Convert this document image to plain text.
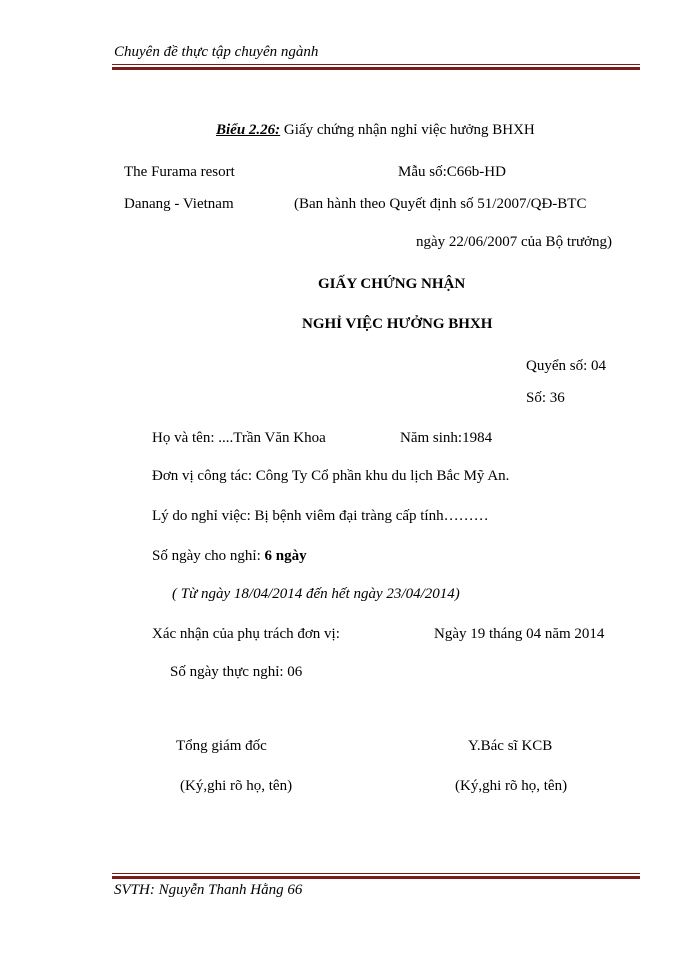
Chuyên đề thực tập chuyên ngành
Biểu 2.26: Giấy chứng nhận nghỉ việc hưởng BHXH
The Furama resort	Mẫu số:C66b-HD
Danang - Vietnam	(Ban hành theo Quyết định số 51/2007/QĐ-BTC
ngày 22/06/2007 của Bộ trưởng)
GIẤY CHỨNG NHẬN
NGHỈ VIỆC HƯỞNG BHXH
Quyển số: 04
Số: 36
Họ và tên: ....Trần Văn Khoa	Năm sinh:1984
Đơn vị công tác: Công Ty Cổ phần khu du lịch Bắc Mỹ An.
Lý do nghỉ việc: Bị bệnh viêm đại tràng cấp tính………
Số ngày cho nghỉ: 6 ngày
( Từ ngày 18/04/2014 đến hết ngày 23/04/2014)
Xác nhận của phụ trách đơn vị:	Ngày 19 tháng 04 năm 2014
Số ngày thực nghỉ: 06
Tổng giám đốc	Y.Bác sĩ KCB
(Ký,ghi rõ họ, tên)	(Ký,ghi rõ họ, tên)
SVTH: Nguyễn Thanh Hằng 66
